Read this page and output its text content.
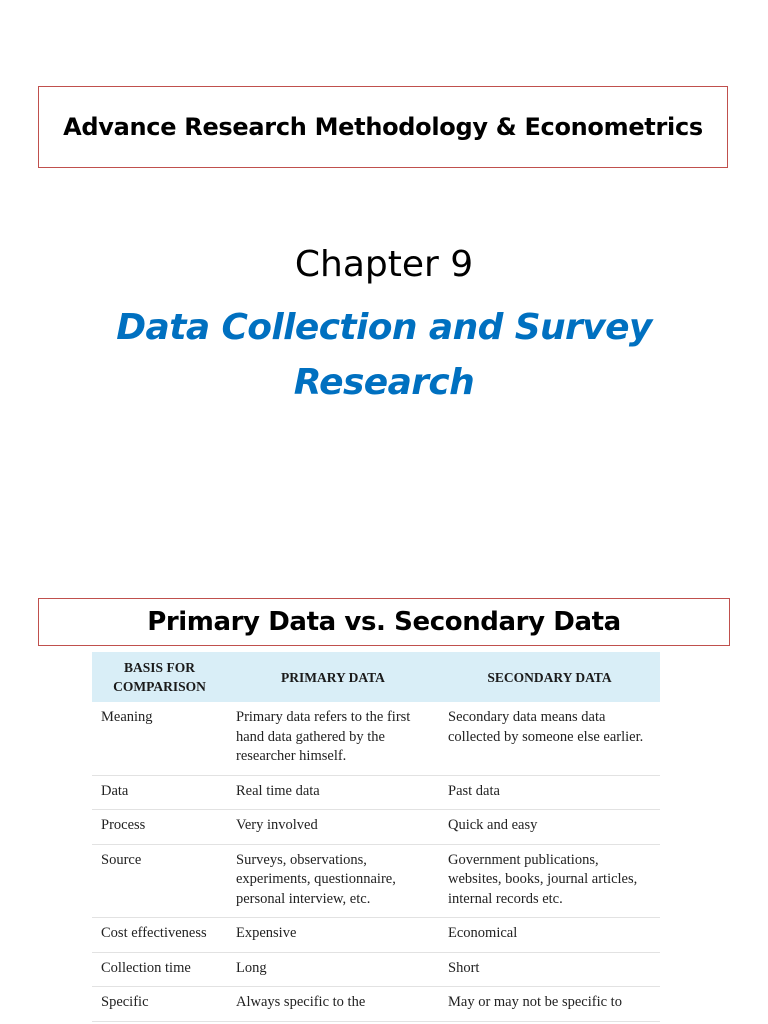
Advance Research Methodology & Econometrics
Chapter 9
Data Collection and Survey Research
Primary Data vs. Secondary Data
BASIS FOR COMPARISON	PRIMARY DATA	SECONDARY DATA
Meaning	Primary data refers to the first hand data gathered by the researcher himself.	Secondary data means data collected by someone else earlier.
Data	Real time data	Past data
Process	Very involved	Quick and easy
Source	Surveys, observations, experiments, questionnaire, personal interview, etc.	Government publications, websites, books, journal articles, internal records etc.
Cost effectiveness	Expensive	Economical
Collection time	Long	Short
Specific	Always specific to the	May or may not be specific to
